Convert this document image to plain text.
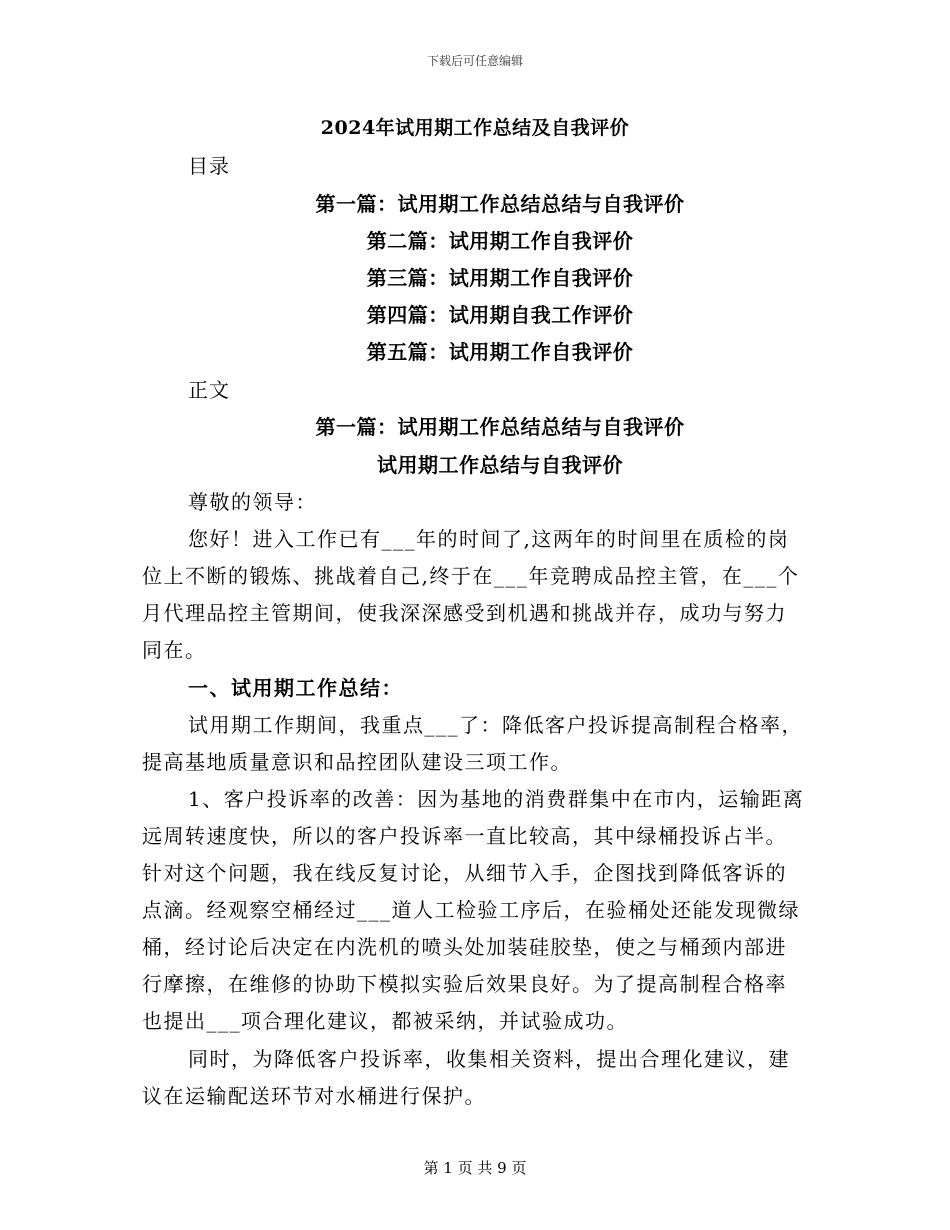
下载后可任意编辑
2024年试用期工作总结及自我评价
目录
第一篇：试用期工作总结总结与自我评价
第二篇：试用期工作自我评价
第三篇：试用期工作自我评价
第四篇：试用期自我工作评价
第五篇：试用期工作自我评价
正文
第一篇：试用期工作总结总结与自我评价
试用期工作总结与自我评价
尊敬的领导：
您好！进入工作已有___年的时间了,这两年的时间里在质检的岗
位上不断的锻炼、挑战着自己,终于在___年竞聘成品控主管，在___个
月代理品控主管期间，使我深深感受到机遇和挑战并存，成功与努力
同在。
一、试用期工作总结：
试用期工作期间，我重点___了：降低客户投诉提高制程合格率，
提高基地质量意识和品控团队建设三项工作。
1、客户投诉率的改善：因为基地的消费群集中在市内，运输距离
远周转速度快，所以的客户投诉率一直比较高，其中绿桶投诉占半。
针对这个问题，我在线反复讨论，从细节入手，企图找到降低客诉的
点滴。经观察空桶经过___道人工检验工序后，在验桶处还能发现微绿
桶，经讨论后决定在内洗机的喷头处加装硅胶垫，使之与桶颈内部进
行摩擦，在维修的协助下模拟实验后效果良好。为了提高制程合格率
也提出___项合理化建议，都被采纳，并试验成功。
同时，为降低客户投诉率，收集相关资料，提出合理化建议，建
议在运输配送环节对水桶进行保护。
第 1 页 共 9 页
